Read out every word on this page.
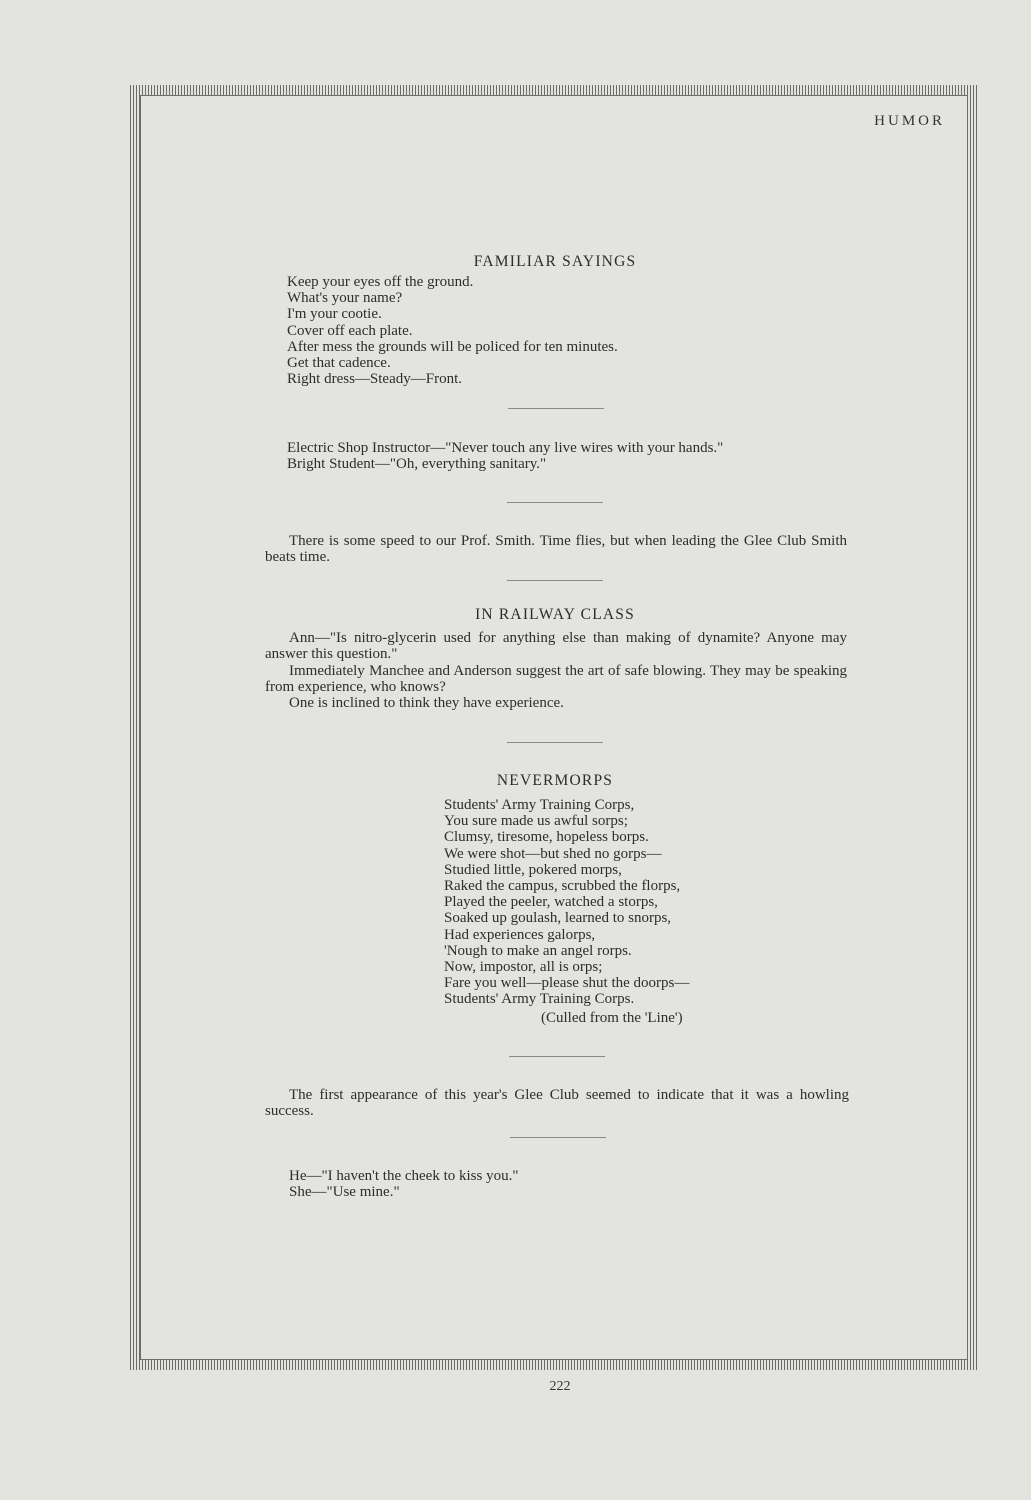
HUMOR
FAMILIAR SAYINGS
Keep your eyes off the ground.
What's your name?
I'm your cootie.
Cover off each plate.
After mess the grounds will be policed for ten minutes.
Get that cadence.
Right dress—Steady—Front.
Electric Shop Instructor—"Never touch any live wires with your hands."
Bright Student—"Oh, everything sanitary."
There is some speed to our Prof. Smith. Time flies, but when leading the Glee Club Smith beats time.
IN RAILWAY CLASS
Ann—"Is nitro-glycerin used for anything else than making of dynamite? Anyone may answer this question."
Immediately Manchee and Anderson suggest the art of safe blowing. They may be speaking from experience, who knows?
One is inclined to think they have experience.
NEVERMORPS
Students' Army Training Corps,
You sure made us awful sorps;
Clumsy, tiresome, hopeless borps.
We were shot—but shed no gorps—
Studied little, pokered morps,
Raked the campus, scrubbed the florps,
Played the peeler, watched a storps,
Soaked up goulash, learned to snorps,
Had experiences galorps,
'Nough to make an angel rorps.
Now, impostor, all is orps;
Fare you well—please shut the doorps—
Students' Army Training Corps.
(Culled from the 'Line')
The first appearance of this year's Glee Club seemed to indicate that it was a howling success.
He—"I haven't the cheek to kiss you."
She—"Use mine."
222
